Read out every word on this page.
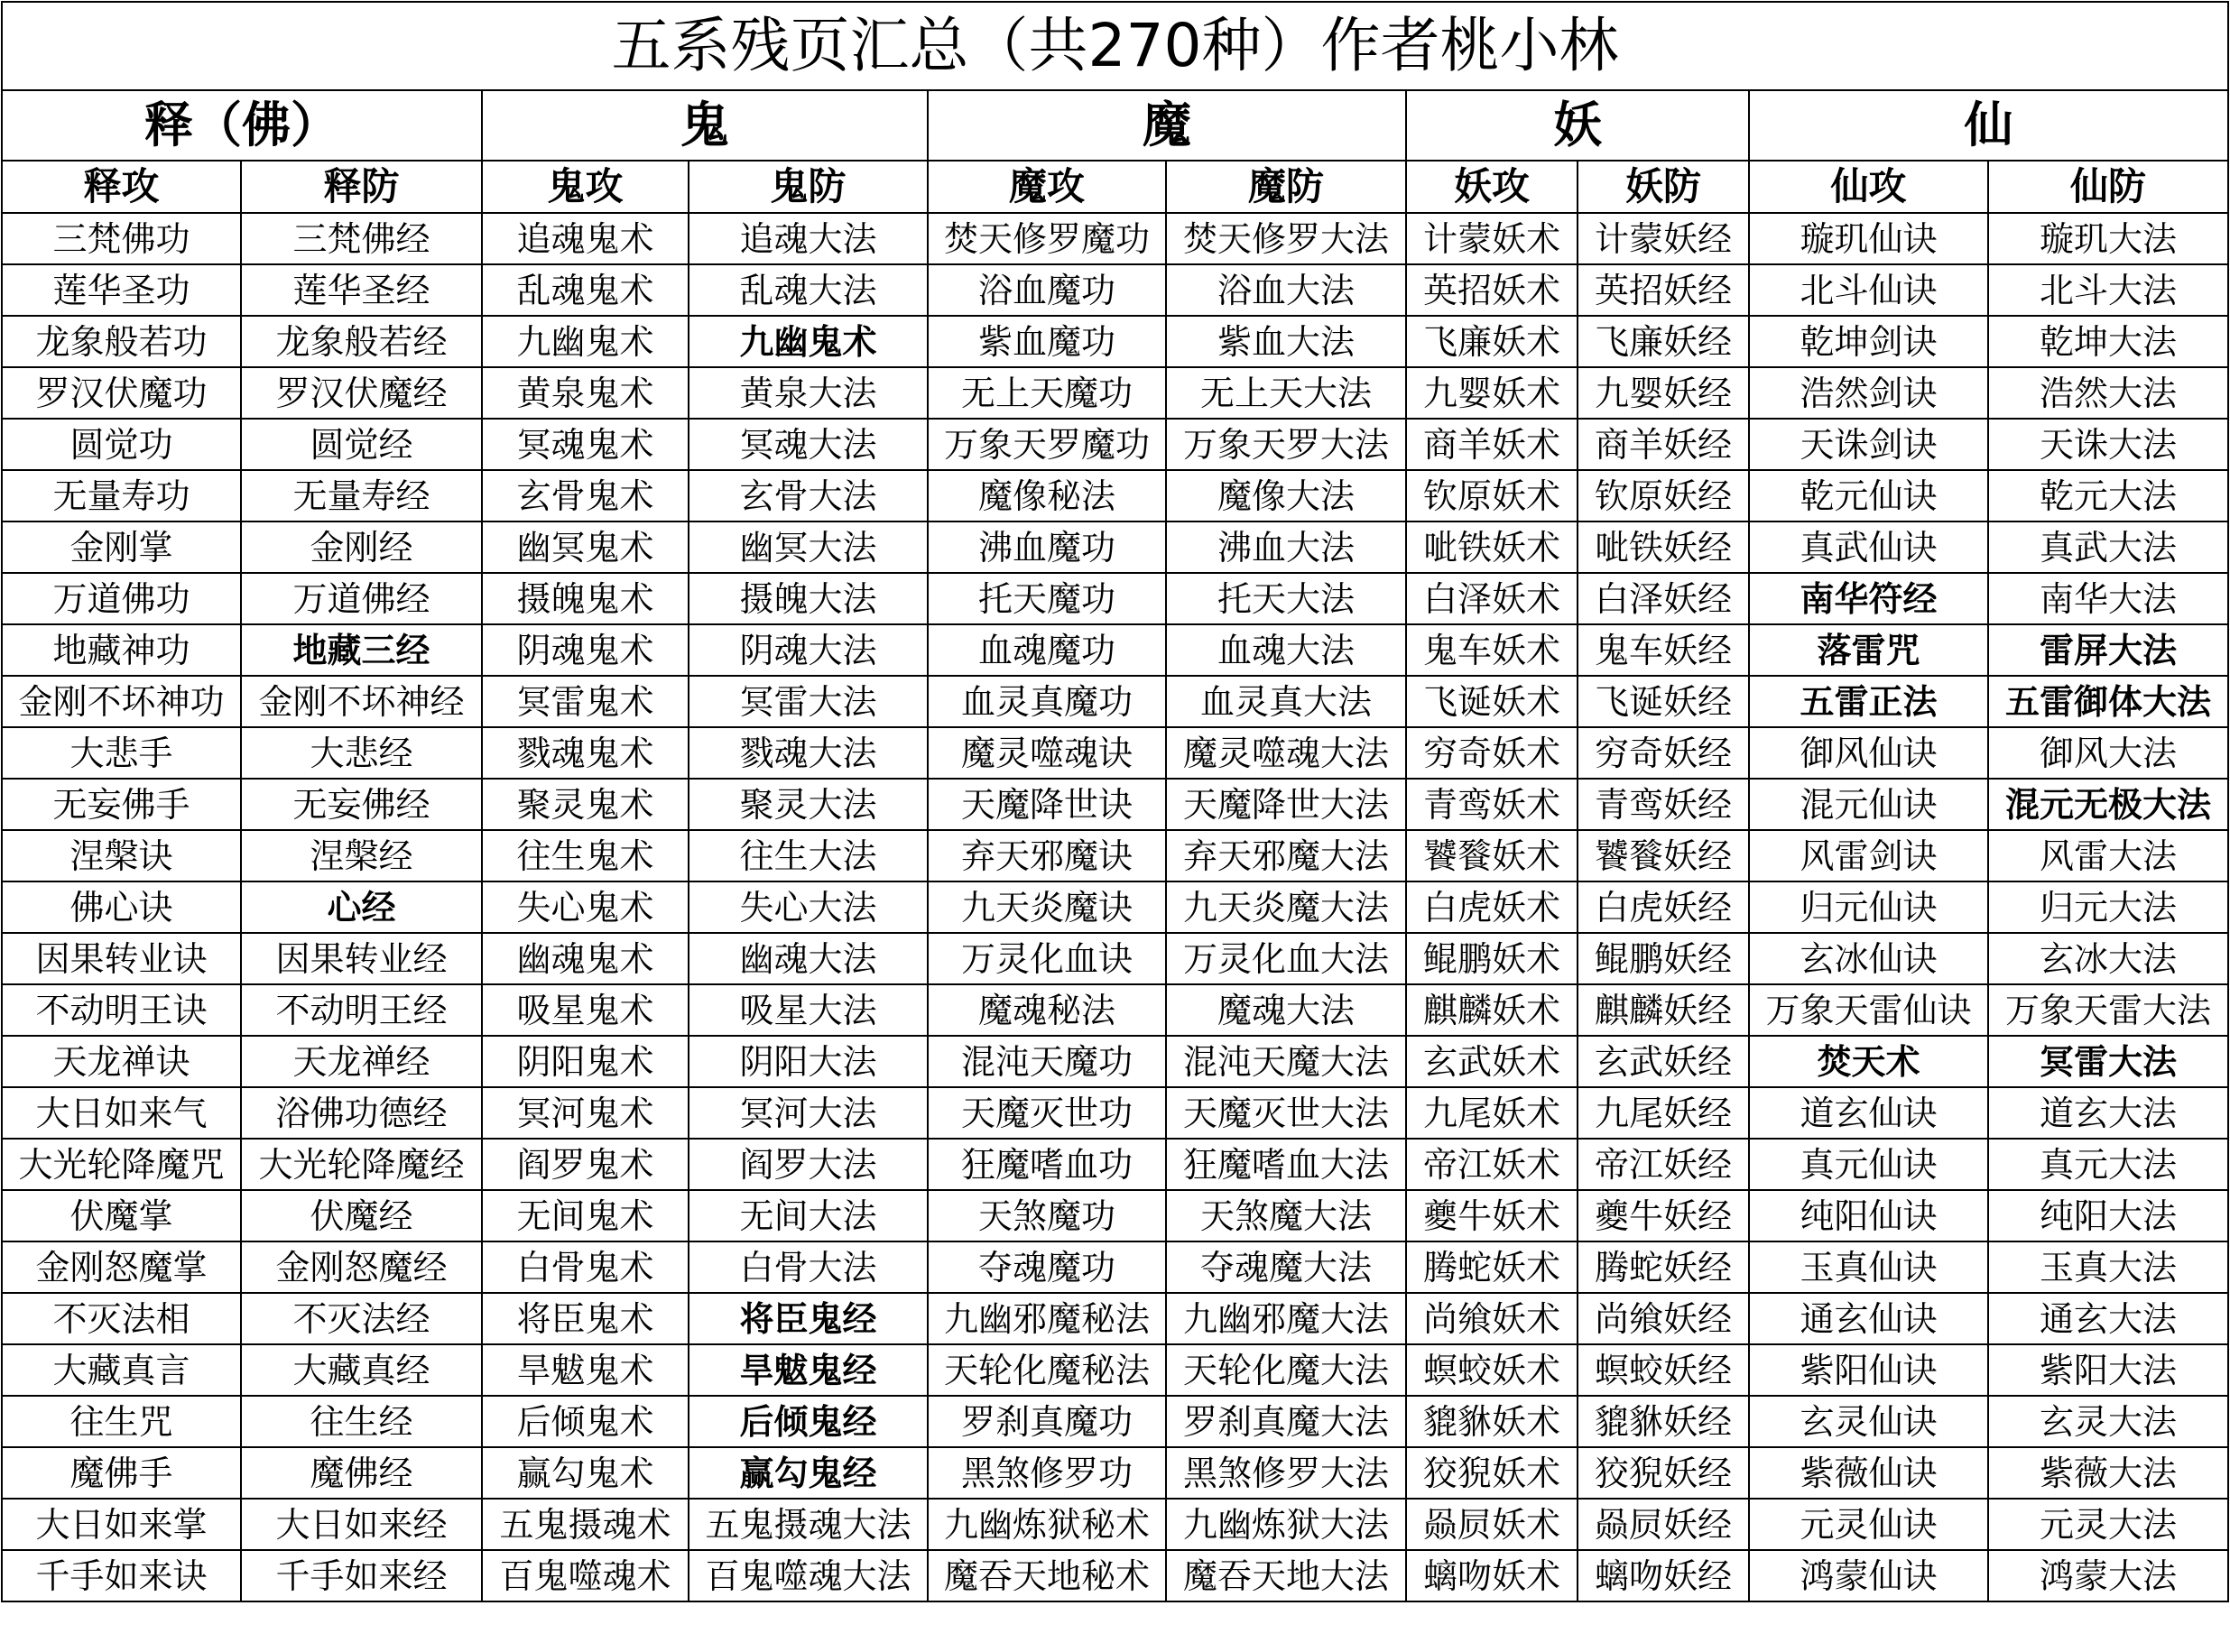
五系残页汇总（共270种）作者桃小林									
释（佛）		鬼		魔		妖		仙	
释攻	释防	鬼攻	鬼防	魔攻	魔防	妖攻	妖防	仙攻	仙防
三梵佛功	三梵佛经	追魂鬼术	追魂大法	焚天修罗魔功	焚天修罗大法	计蒙妖术	计蒙妖经	璇玑仙诀	璇玑大法
莲华圣功	莲华圣经	乱魂鬼术	乱魂大法	浴血魔功	浴血大法	英招妖术	英招妖经	北斗仙诀	北斗大法
龙象般若功	龙象般若经	九幽鬼术	九幽鬼术	紫血魔功	紫血大法	飞廉妖术	飞廉妖经	乾坤剑诀	乾坤大法
罗汉伏魔功	罗汉伏魔经	黄泉鬼术	黄泉大法	无上天魔功	无上天大法	九婴妖术	九婴妖经	浩然剑诀	浩然大法
圆觉功	圆觉经	冥魂鬼术	冥魂大法	万象天罗魔功	万象天罗大法	商羊妖术	商羊妖经	天诛剑诀	天诛大法
无量寿功	无量寿经	玄骨鬼术	玄骨大法	魔像秘法	魔像大法	钦原妖术	钦原妖经	乾元仙诀	乾元大法
金刚掌	金刚经	幽冥鬼术	幽冥大法	沸血魔功	沸血大法	呲铁妖术	呲铁妖经	真武仙诀	真武大法
万道佛功	万道佛经	摄魄鬼术	摄魄大法	托天魔功	托天大法	白泽妖术	白泽妖经	南华符经	南华大法
地藏神功	地藏三经	阴魂鬼术	阴魂大法	血魂魔功	血魂大法	鬼车妖术	鬼车妖经	落雷咒	雷屏大法
金刚不坏神功	金刚不坏神经	冥雷鬼术	冥雷大法	血灵真魔功	血灵真大法	飞诞妖术	飞诞妖经	五雷正法	五雷御体大法
大悲手	大悲经	戮魂鬼术	戮魂大法	魔灵噬魂诀	魔灵噬魂大法	穷奇妖术	穷奇妖经	御风仙诀	御风大法
无妄佛手	无妄佛经	聚灵鬼术	聚灵大法	天魔降世诀	天魔降世大法	青鸾妖术	青鸾妖经	混元仙诀	混元无极大法
涅槃诀	涅槃经	往生鬼术	往生大法	弃天邪魔诀	弃天邪魔大法	饕餮妖术	饕餮妖经	风雷剑诀	风雷大法
佛心诀	心经	失心鬼术	失心大法	九天炎魔诀	九天炎魔大法	白虎妖术	白虎妖经	归元仙诀	归元大法
因果转业诀	因果转业经	幽魂鬼术	幽魂大法	万灵化血诀	万灵化血大法	鲲鹏妖术	鲲鹏妖经	玄冰仙诀	玄冰大法
不动明王诀	不动明王经	吸星鬼术	吸星大法	魔魂秘法	魔魂大法	麒麟妖术	麒麟妖经	万象天雷仙诀	万象天雷大法
天龙禅诀	天龙禅经	阴阳鬼术	阴阳大法	混沌天魔功	混沌天魔大法	玄武妖术	玄武妖经	焚天术	冥雷大法
大日如来气	浴佛功德经	冥河鬼术	冥河大法	天魔灭世功	天魔灭世大法	九尾妖术	九尾妖经	道玄仙诀	道玄大法
大光轮降魔咒	大光轮降魔经	阎罗鬼术	阎罗大法	狂魔嗜血功	狂魔嗜血大法	帝江妖术	帝江妖经	真元仙诀	真元大法
伏魔掌	伏魔经	无间鬼术	无间大法	天煞魔功	天煞魔大法	夔牛妖术	夔牛妖经	纯阳仙诀	纯阳大法
金刚怒魔掌	金刚怒魔经	白骨鬼术	白骨大法	夺魂魔功	夺魂魔大法	腾蛇妖术	腾蛇妖经	玉真仙诀	玉真大法
不灭法相	不灭法经	将臣鬼术	将臣鬼经	九幽邪魔秘法	九幽邪魔大法	尚飨妖术	尚飨妖经	通玄仙诀	通玄大法
大藏真言	大藏真经	旱魃鬼术	旱魃鬼经	天轮化魔秘法	天轮化魔大法	螟蛟妖术	螟蛟妖经	紫阳仙诀	紫阳大法
往生咒	往生经	后倾鬼术	后倾鬼经	罗刹真魔功	罗刹真魔大法	貔貅妖术	貔貅妖经	玄灵仙诀	玄灵大法
魔佛手	魔佛经	赢勾鬼术	赢勾鬼经	黑煞修罗功	黑煞修罗大法	狡猊妖术	狡猊妖经	紫薇仙诀	紫薇大法
大日如来掌	大日如来经	五鬼摄魂术	五鬼摄魂大法	九幽炼狱秘术	九幽炼狱大法	赑屃妖术	赑屃妖经	元灵仙诀	元灵大法
千手如来诀	千手如来经	百鬼噬魂术	百鬼噬魂大法	魔吞天地秘术	魔吞天地大法	螭吻妖术	螭吻妖经	鸿蒙仙诀	鸿蒙大法
